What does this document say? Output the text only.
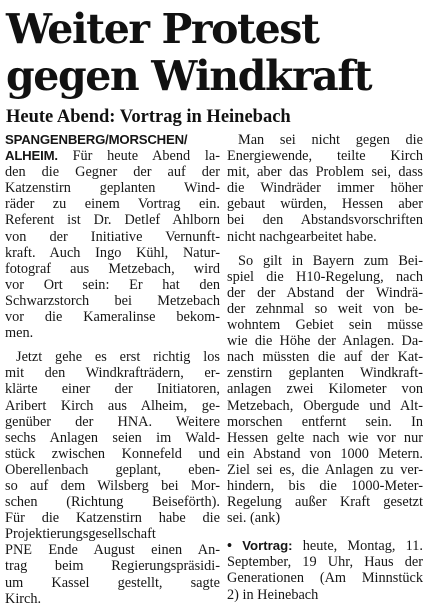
Weiter Protest
gegen Windkraft
Heute Abend: Vortrag in Heinebach

SPANGENBERG/MORSCHEN/
ALHEIM. Für heute Abend la-
den die Gegner der auf der
Katzenstirn geplanten Wind-
räder zu einem Vortrag ein.
Referent ist Dr. Detlef Ahlborn
von der Initiative Vernunft-
kraft. Auch Ingo Kühl, Natur-
fotograf aus Metzebach, wird
vor Ort sein: Er hat den
Schwarzstorch bei Metzebach
vor die Kameralinse bekom-
men.

Jetzt gehe es erst richtig los
mit den Windkrafträdern, er-
klärte einer der Initiatoren,
Aribert Kirch aus Alheim, ge-
genüber der HNA. Weitere
sechs Anlagen seien im Wald-
stück zwischen Konnefeld und
Oberellenbach geplant, eben-
so auf dem Wilsberg bei Mor-
schen (Richtung Beiseförth).
Für die Katzenstirn habe die
Projektierungsgesellschaft
PNE Ende August einen An-
trag beim Regierungspräsidi-
um Kassel gestellt, sagte
Kirch.

Man sei nicht gegen die
Energiewende, teilte Kirch
mit, aber das Problem sei, dass
die Windräder immer höher
gebaut würden, Hessen aber
bei den Abstandsvorschriften
nicht nachgearbeitet habe.

So gilt in Bayern zum Bei-
spiel die H10-Regelung, nach
der der Abstand der Windrä-
der zehnmal so weit von be-
wohntem Gebiet sein müsse
wie die Höhe der Anlagen. Da-
nach müssten die auf der Kat-
zenstirn geplanten Windkraft-
anlagen zwei Kilometer von
Metzebach, Obergude und Alt-
morschen entfernt sein. In
Hessen gelte nach wie vor nur
ein Abstand von 1000 Metern.
Ziel sei es, die Anlagen zu ver-
hindern, bis die 1000-Meter-
Regelung außer Kraft gesetzt
sei. (ank)

• Vortrag: heute, Montag, 11.
September, 19 Uhr, Haus der
Generationen (Am Minnstück
2) in Heinebach
